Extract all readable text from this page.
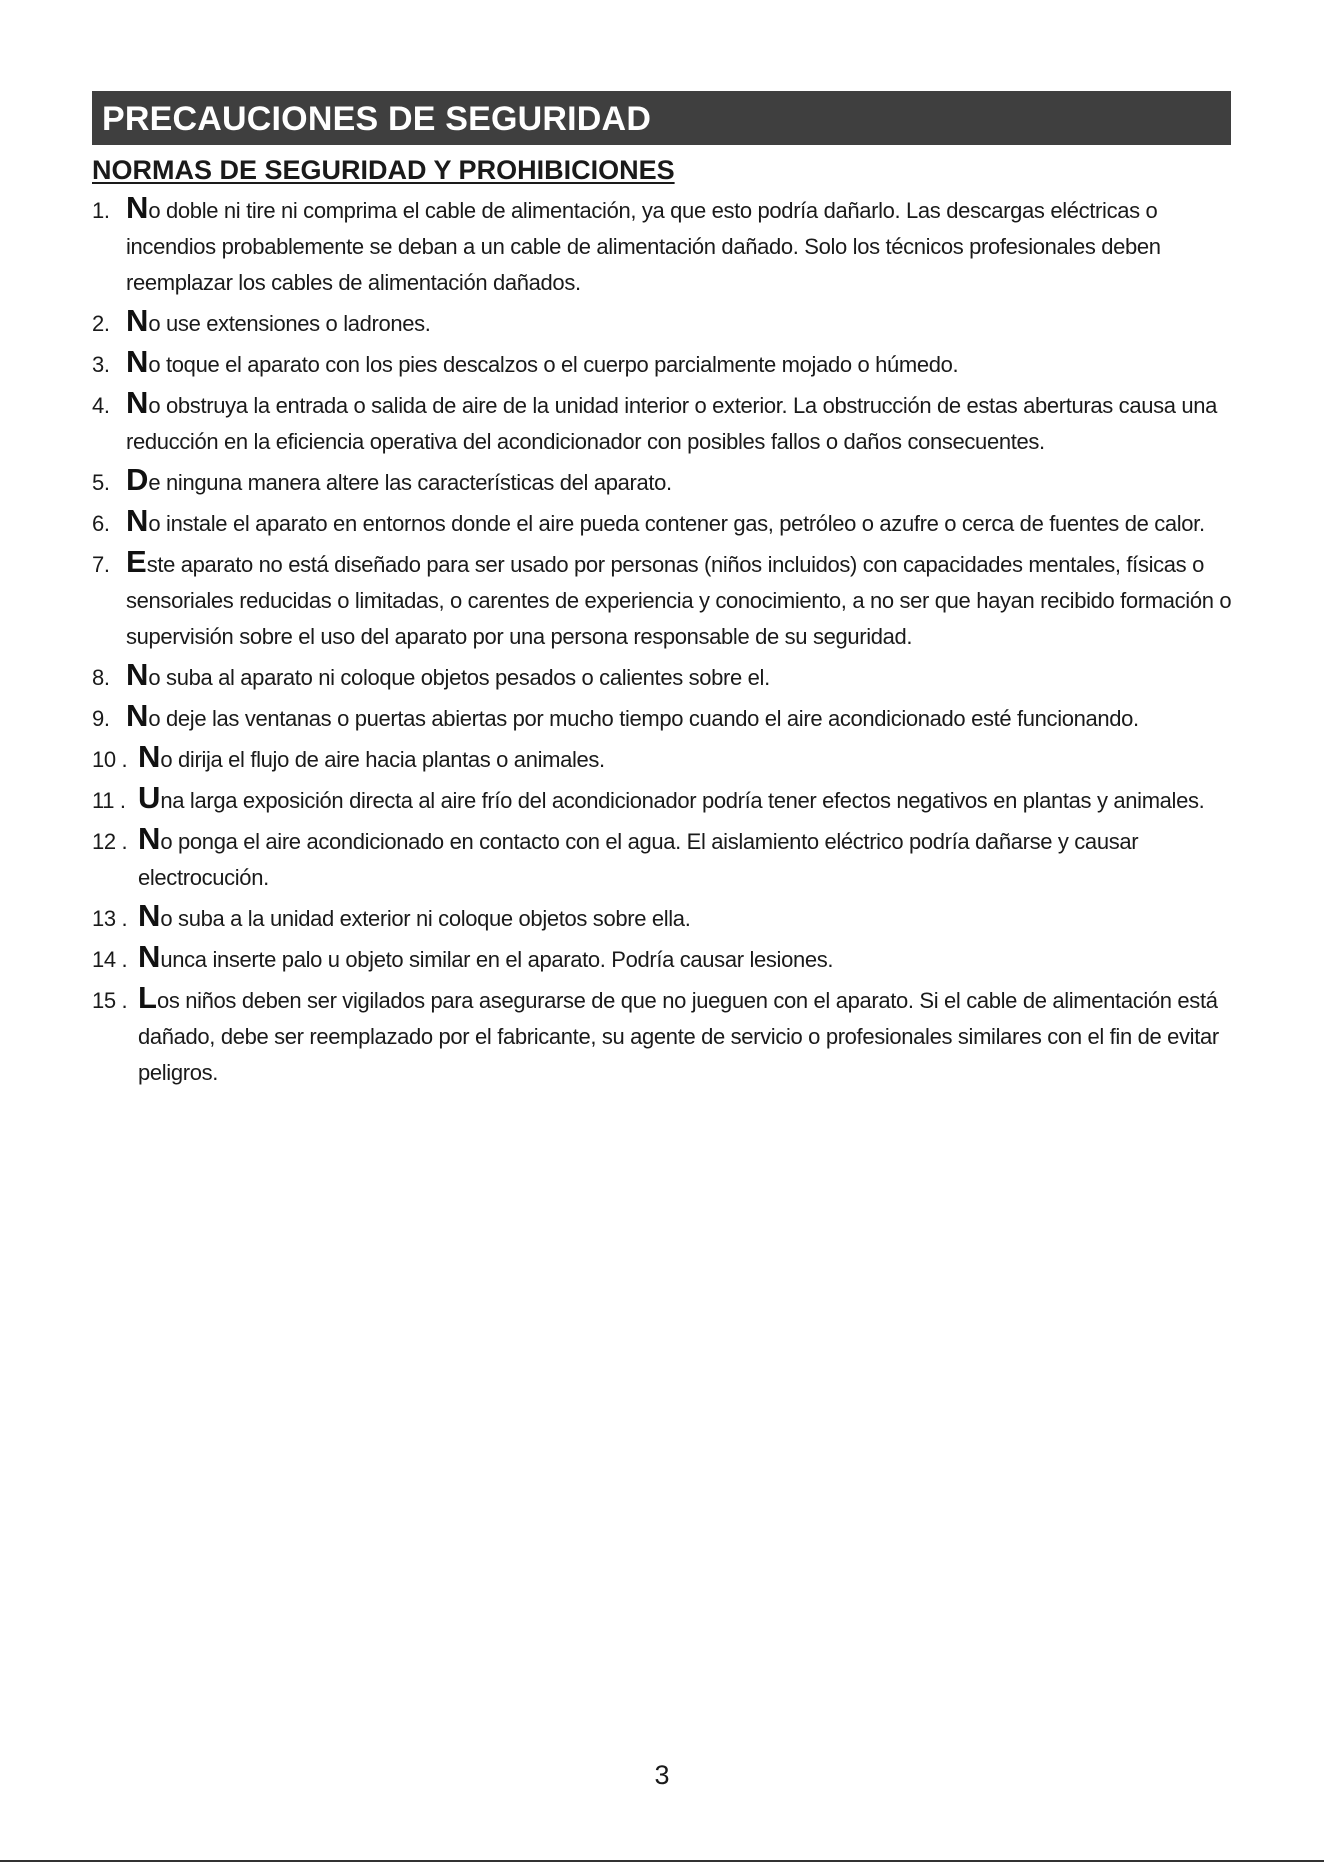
PRECAUCIONES DE SEGURIDAD
NORMAS DE SEGURIDAD Y PROHIBICIONES
1. No doble ni tire ni comprima el cable de alimentación, ya que esto podría dañarlo. Las descargas eléctricas o incendios probablemente se deban a un cable de alimentación dañado. Solo los técnicos profesionales deben reemplazar los cables de alimentación dañados.
2. No use extensiones o ladrones.
3. No toque el aparato con los pies descalzos o el cuerpo parcialmente mojado o húmedo.
4. No obstruya la entrada o salida de aire de la unidad interior o exterior. La obstrucción de estas aberturas causa una reducción en la eficiencia operativa del acondicionador con posibles fallos o daños consecuentes.
5. De ninguna manera altere las características del aparato.
6. No instale el aparato en entornos donde el aire pueda contener gas, petróleo o azufre o cerca de fuentes de calor.
7. Este aparato no está diseñado para ser usado por personas (niños incluidos) con capacidades mentales, físicas o sensoriales reducidas o limitadas, o carentes de experiencia y conocimiento, a no ser que hayan recibido formación o supervisión sobre el uso del aparato por una persona responsable de su seguridad.
8. No suba al aparato ni coloque objetos pesados o calientes sobre el.
9. No deje las ventanas o puertas abiertas por mucho tiempo cuando el aire acondicionado esté funcionando.
10 . No dirija el flujo de aire hacia plantas o animales.
11 . Una larga exposición directa al aire frío del acondicionador podría tener efectos negativos en plantas y animales.
12 . No ponga el aire acondicionado en contacto con el agua. El aislamiento eléctrico podría dañarse y causar electrocución.
13 . No suba a la unidad exterior ni coloque objetos sobre ella.
14 . Nunca inserte palo u objeto similar en el aparato. Podría causar lesiones.
15 . Los niños deben ser vigilados para asegurarse de que no jueguen con el aparato. Si el cable de alimentación está dañado, debe ser reemplazado por el fabricante, su agente de servicio o profesionales similares con el fin de evitar peligros.
3
